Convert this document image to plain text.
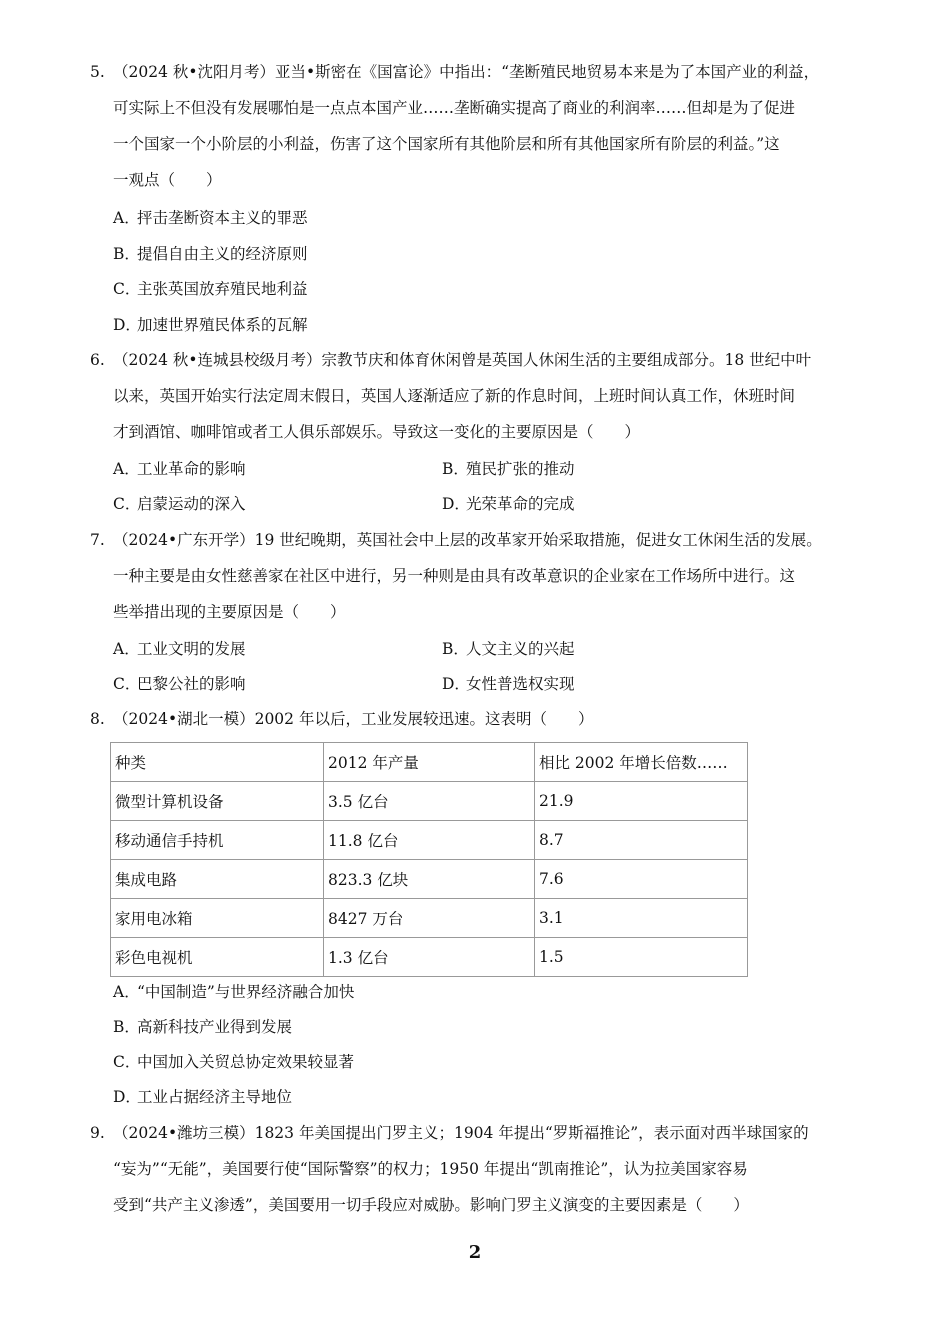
5. （2024 秋•沈阳月考）亚当•斯密在《国富论》中指出：“垄断殖民地贸易本来是为了本国产业的利益，

可实际上不但没有发展哪怕是一点点本国产业……垄断确实提高了商业的利润率……但却是为了促进

一个国家一个小阶层的小利益，伤害了这个国家所有其他阶层和所有其他国家所有阶层的利益。”这

一观点（　　）

A．抨击垄断资本主义的罪恶
B．提倡自由主义的经济原则
C．主张英国放弃殖民地利益
D．加速世界殖民体系的瓦解

6. （2024 秋•连城县校级月考）宗教节庆和体育休闲曾是英国人休闲生活的主要组成部分。18 世纪中叶

以来，英国开始实行法定周末假日，英国人逐渐适应了新的作息时间，上班时间认真工作，休班时间

才到酒馆、咖啡馆或者工人俱乐部娱乐。导致这一变化的主要原因是（　　）

A．工业革命的影响	B．殖民扩张的推动
C．启蒙运动的深入	D．光荣革命的完成

7. （2024•广东开学）19 世纪晚期，英国社会中上层的改革家开始采取措施，促进女工休闲生活的发展。

一种主要是由女性慈善家在社区中进行，另一种则是由具有改革意识的企业家在工作场所中进行。这

些举措出现的主要原因是（　　）

A．工业文明的发展	B．人文主义的兴起
C．巴黎公社的影响	D．女性普选权实现

8. （2024•湖北一模）2002 年以后，工业发展较迅速。这表明（　　）

种类	2012 年产量	相比 2002 年增长倍数……
微型计算机设备	3.5 亿台	21.9
移动通信手持机	11.8 亿台	8.7
集成电路	823.3 亿块	7.6
家用电冰箱	8427 万台	3.1
彩色电视机	1.3 亿台	1.5
A．“中国制造”与世界经济融合加快
B．高新科技产业得到发展
C．中国加入关贸总协定效果较显著
D．工业占据经济主导地位

9. （2024•潍坊三模）1823 年美国提出门罗主义；1904 年提出“罗斯福推论”，表示面对西半球国家的

“妄为”“无能”，美国要行使“国际警察”的权力；1950 年提出“凯南推论”，认为拉美国家容易

受到“共产主义渗透”，美国要用一切手段应对威胁。影响门罗主义演变的主要因素是（　　）

2
